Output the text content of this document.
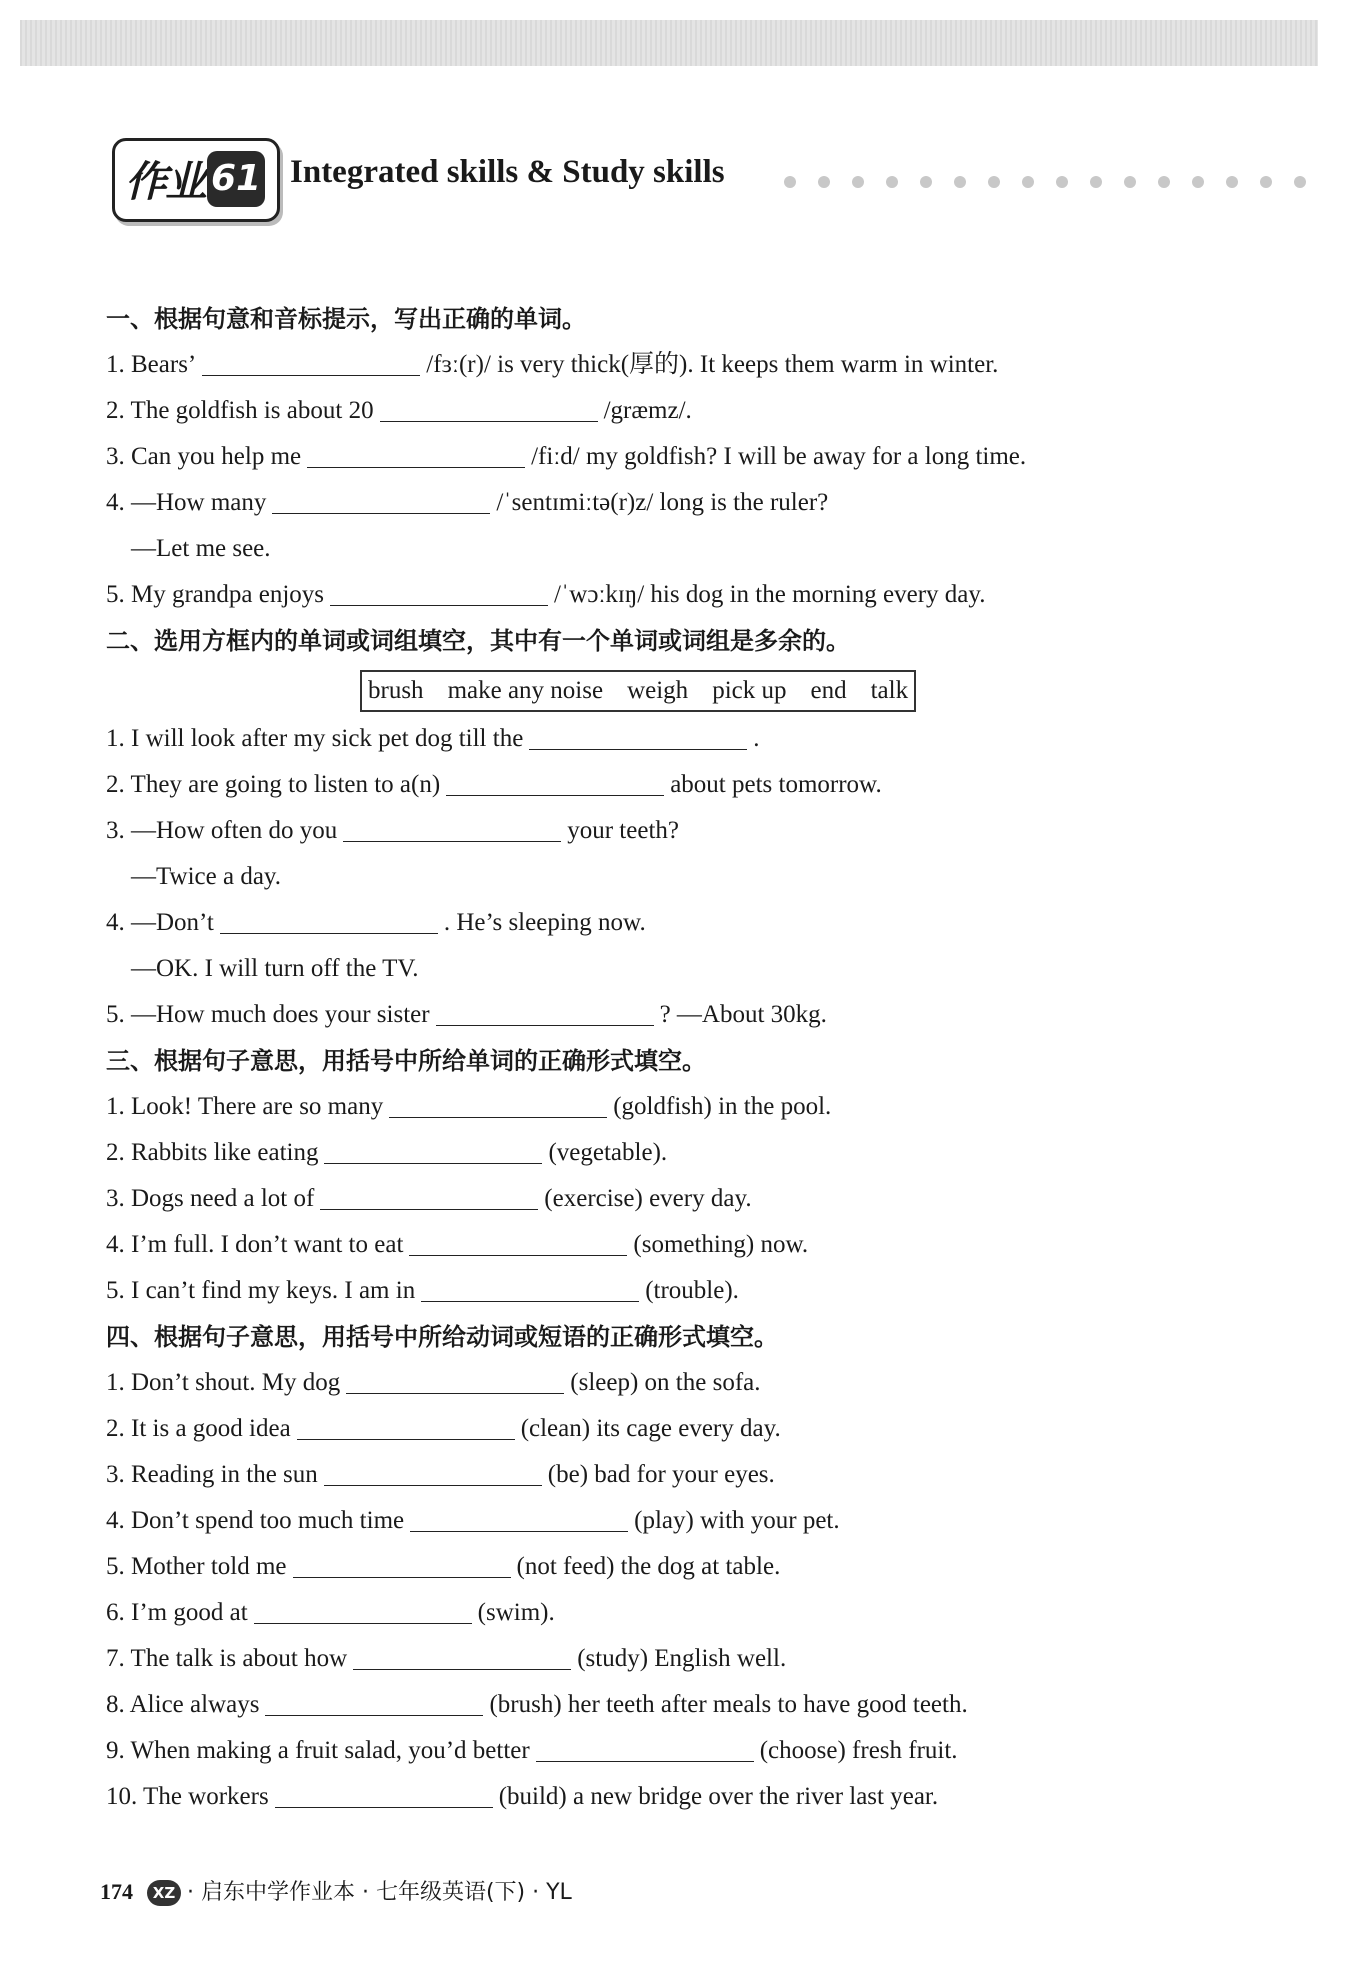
作业 61 Integrated skills & Study skills
一、根据句意和音标提示，写出正确的单词。
1. Bears’	/fɜː(r)/ is very thick(厚的). It keeps them warm in winter.
2. The goldfish is about 20	/græmz/.
3. Can you help me	/fiːd/ my goldfish? I will be away for a long time.
4. —How many	/ˈsentɪmiːtə(r)z/ long is the ruler?
—Let me see.
5. My grandpa enjoys	/ˈwɔːkɪŋ/ his dog in the morning every day.
二、选用方框内的单词或词组填空，其中有一个单词或词组是多余的。
brush make any noise weigh pick up end talk
1. I will look after my sick pet dog till the	.
2. They are going to listen to a(n)	about pets tomorrow.
3. —How often do you	your teeth?
—Twice a day.
4. —Don’t	. He’s sleeping now.
—OK. I will turn off the TV.
5. —How much does your sister	? —About 30kg.
三、根据句子意思，用括号中所给单词的正确形式填空。
1. Look! There are so many	(goldfish) in the pool.
2. Rabbits like eating	(vegetable).
3. Dogs need a lot of	(exercise) every day.
4. I’m full. I don’t want to eat	(something) now.
5. I can’t find my keys. I am in	(trouble).
四、根据句子意思，用括号中所给动词或短语的正确形式填空。
1. Don’t shout. My dog	(sleep) on the sofa.
2. It is a good idea	(clean) its cage every day.
3. Reading in the sun	(be) bad for your eyes.
4. Don’t spend too much time	(play) with your pet.
5. Mother told me	(not feed) the dog at table.
6. I’m good at	(swim).
7. The talk is about how	(study) English well.
8. Alice always	(brush) her teeth after meals to have good teeth.
9. When making a fruit salad, you’d better	(choose) fresh fruit.
10. The workers	(build) a new bridge over the river last year.
174 XZ · 启东中学作业本 · 七年级英语(下) · YL
